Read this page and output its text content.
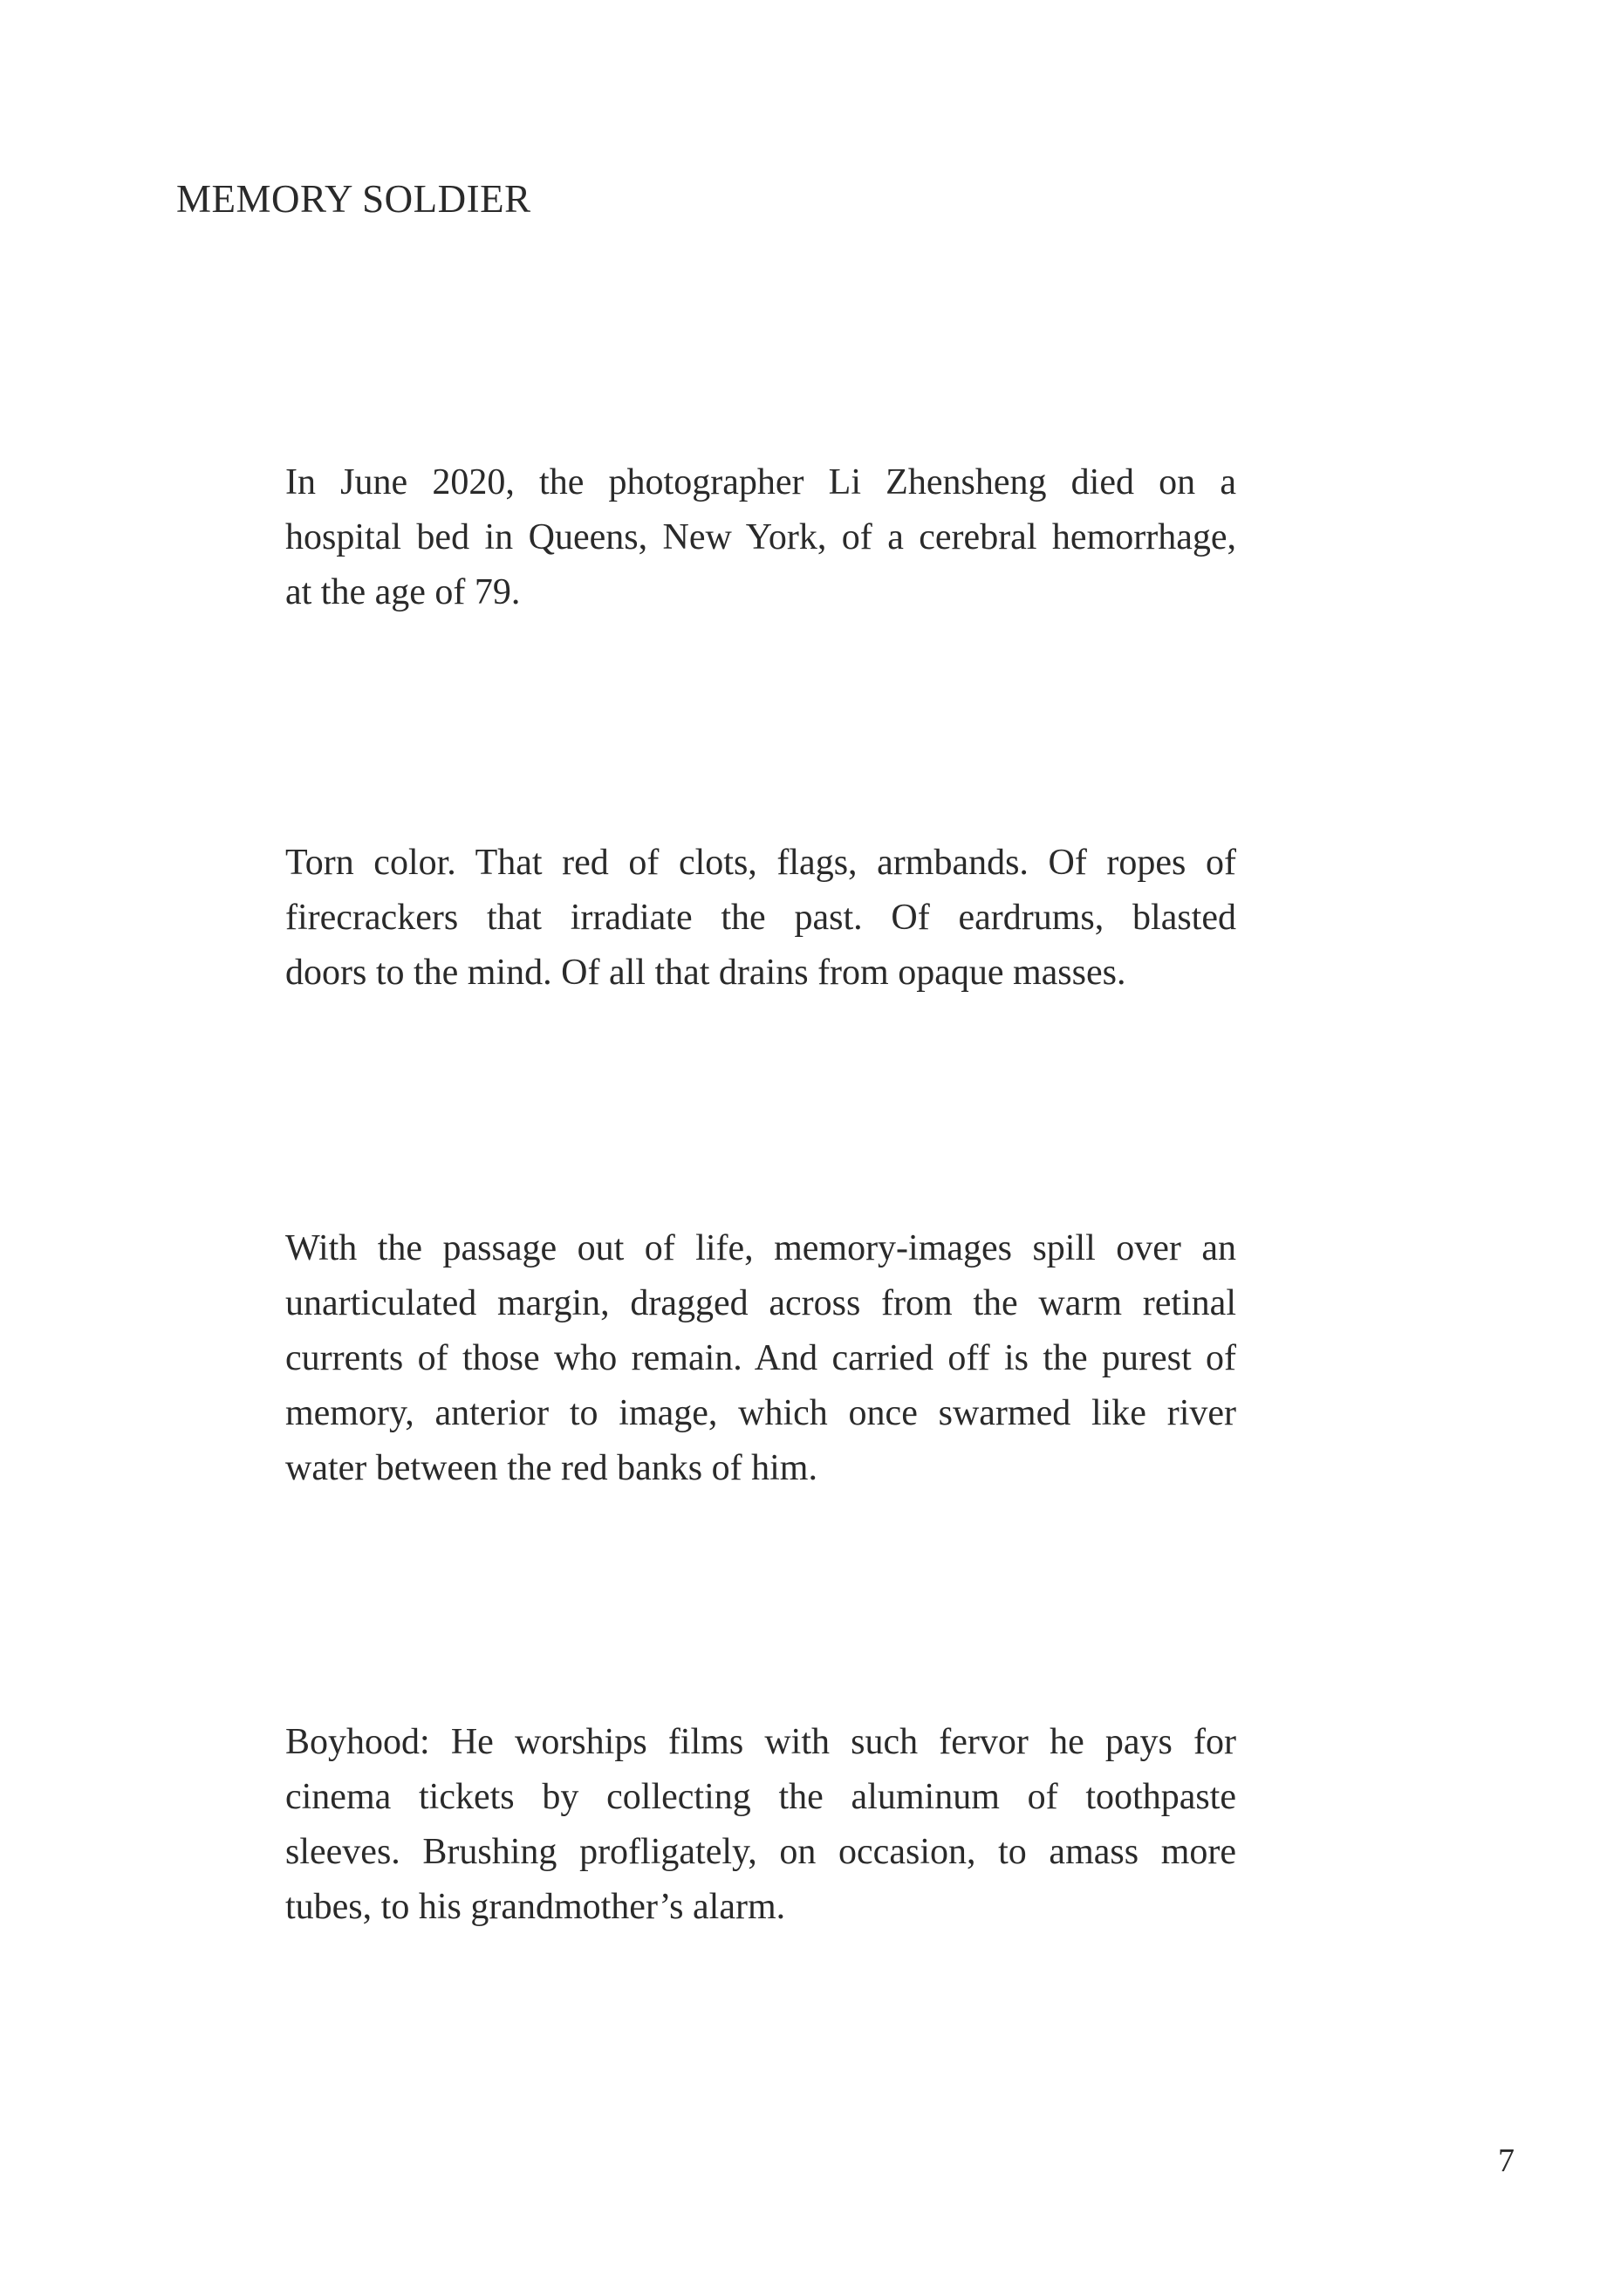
MEMORY SOLDIER
In June 2020, the photographer Li Zhensheng died on a
hospital bed in Queens, New York, of a cerebral hemorrhage,
at the age of 79.
Torn color. That red of clots, flags, armbands. Of ropes of
firecrackers that irradiate the past. Of eardrums, blasted
doors to the mind. Of all that drains from opaque masses.
With the passage out of life, memory-images spill over an
unarticulated margin, dragged across from the warm retinal
currents of those who remain. And carried off is the purest of
memory, anterior to image, which once swarmed like river
water between the red banks of him.
Boyhood: He worships films with such fervor he pays for
cinema tickets by collecting the aluminum of toothpaste
sleeves. Brushing profligately, on occasion, to amass more
tubes, to his grandmother’s alarm.
7
